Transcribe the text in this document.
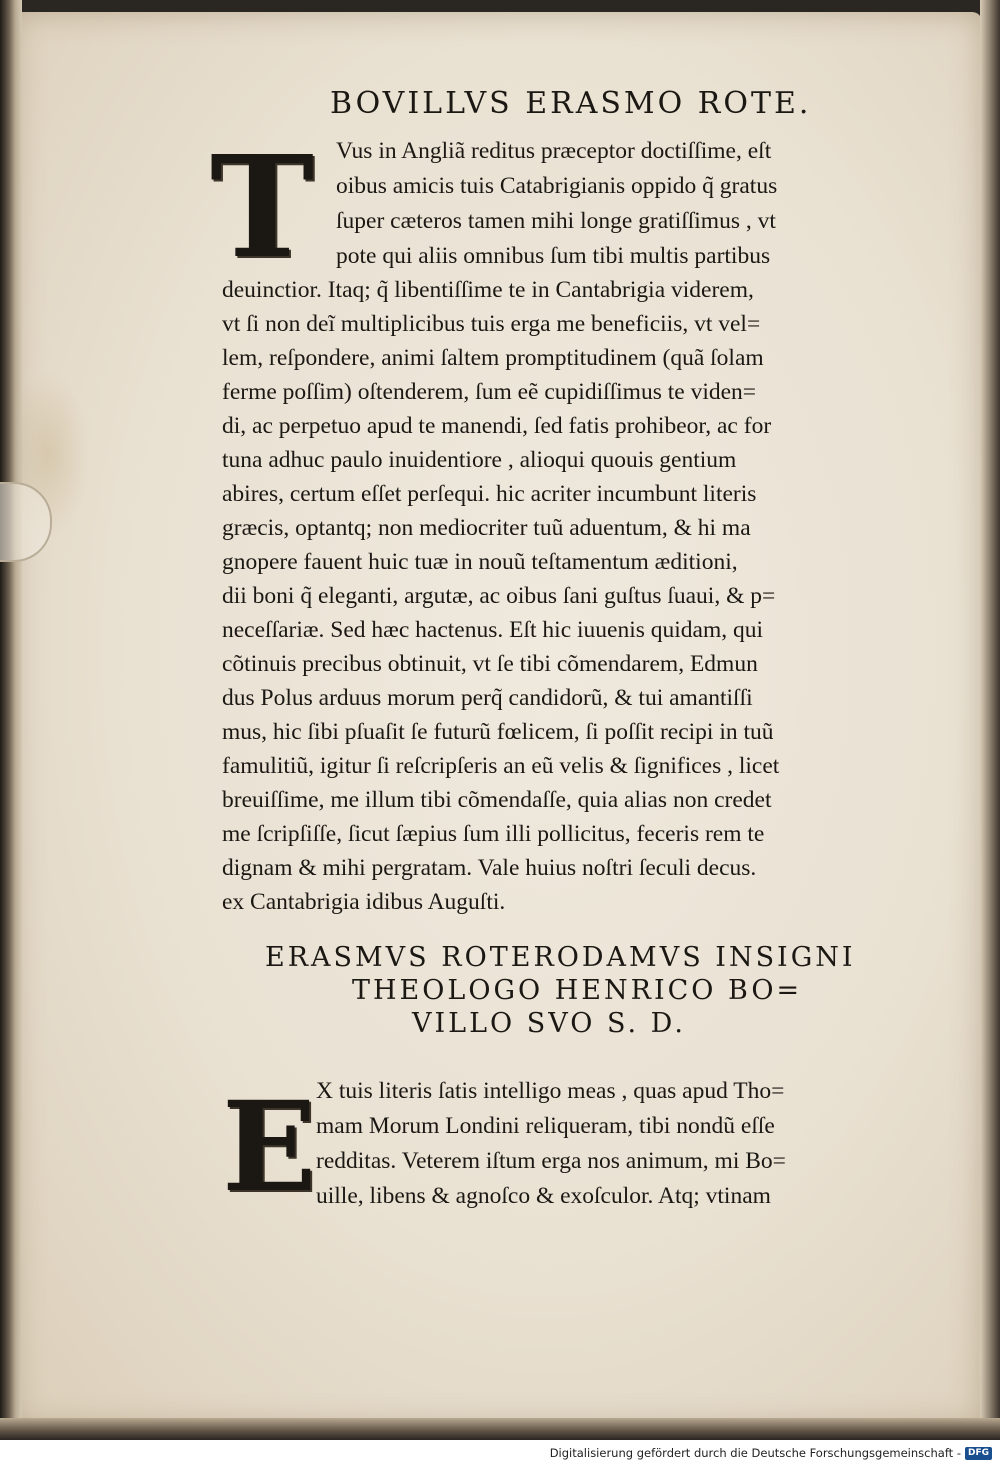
BOVILLVS ERASMO ROTE.
T Vus in Angliã reditus præceptor doctiſſime, eſt
oibus amicis tuis Catabrigianis oppido q̃ gratus
ſuper cæteros tamen mihi longe gratiſſimus , vt
pote qui aliis omnibus ſum tibi multis partibus
deuinctior. Itaq; q̃ libentiſſime te in Cantabrigia viderem,
vt ſi non deĩ multiplicibus tuis erga me beneficiis, vt vel=
lem, reſpondere, animi ſaltem promptitudinem (quã ſolam
ferme poſſim) oſtenderem, ſum eẽ cupidiſſimus te viden=
di, ac perpetuo apud te manendi, ſed fatis prohibeor, ac for
tuna adhuc paulo inuidentiore , alioqui quouis gentium
abires, certum eſſet perſequi. hic acriter incumbunt literis
græcis, optantq; non mediocriter tuũ aduentum, & hi ma
gnopere fauent huic tuæ in nouũ teſtamentum æditioni,
dii boni q̃ eleganti, argutæ, ac oibus ſani guſtus ſuaui, & p=
neceſſariæ. Sed hæc hactenus. Eſt hic iuuenis quidam, qui
cõtinuis precibus obtinuit, vt ſe tibi cõmendarem, Edmun
dus Polus arduus morum perq̃ candidorũ, & tui amantiſſi
mus, hic ſibi pſuaſit ſe futurũ fœlicem, ſi poſſit recipi in tuũ
famulitiũ, igitur ſi reſcripſeris an eũ velis & ſignifices , licet
breuiſſime, me illum tibi cõmendaſſe, quia alias non credet
me ſcripſiſſe, ſicut ſæpius ſum illi pollicitus, feceris rem te
dignam & mihi pergratam. Vale huius noſtri ſeculi decus.
ex Cantabrigia idibus Auguſti.
ERASMVS ROTERODAMVS INSIGNI
THEOLOGO HENRICO BO=
VILLO SVO S. D.
E X tuis literis ſatis intelligo meas , quas apud Tho=
mam Morum Londini reliqueram, tibi nondũ eſſe
redditas. Veterem iſtum erga nos animum, mi Bo=
uille, libens & agnoſco & exoſculor. Atq; vtinam
Digitalisierung gefördert durch die Deutsche Forschungsgemeinschaft - DFG
